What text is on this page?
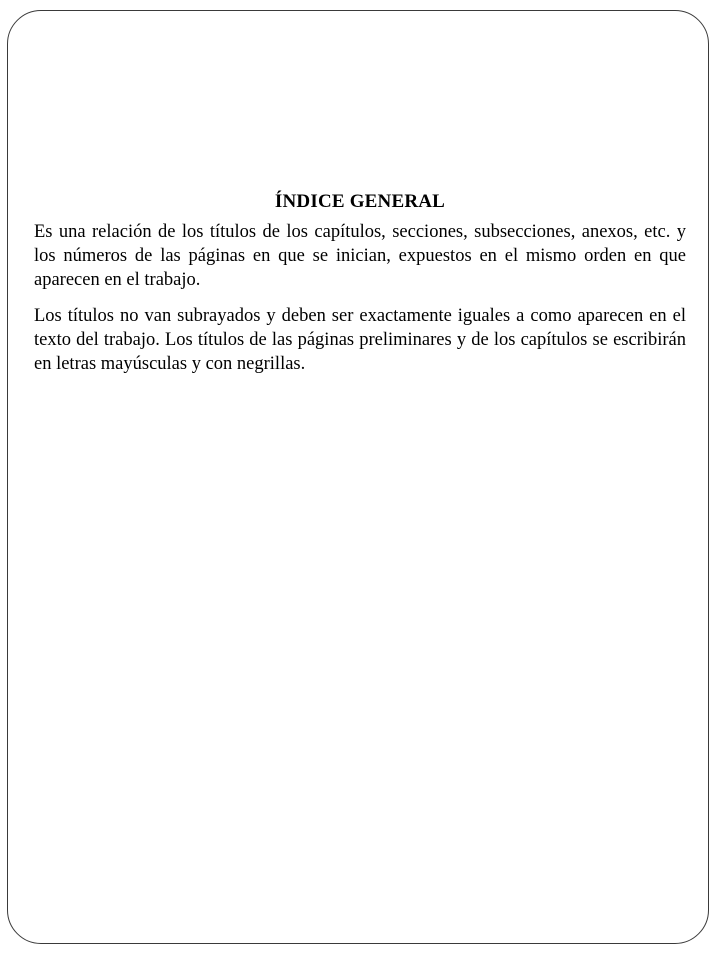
ÍNDICE GENERAL

Es una relación de los títulos de los capítulos, secciones, subsecciones, anexos, etc. y los números de las páginas en que se inician, expuestos en el mismo orden en que aparecen en el trabajo.

Los títulos no van subrayados y deben ser exactamente iguales a como aparecen en el texto del trabajo. Los títulos de las páginas preliminares y de los capítulos se escribirán en letras mayúsculas y con negrillas.
